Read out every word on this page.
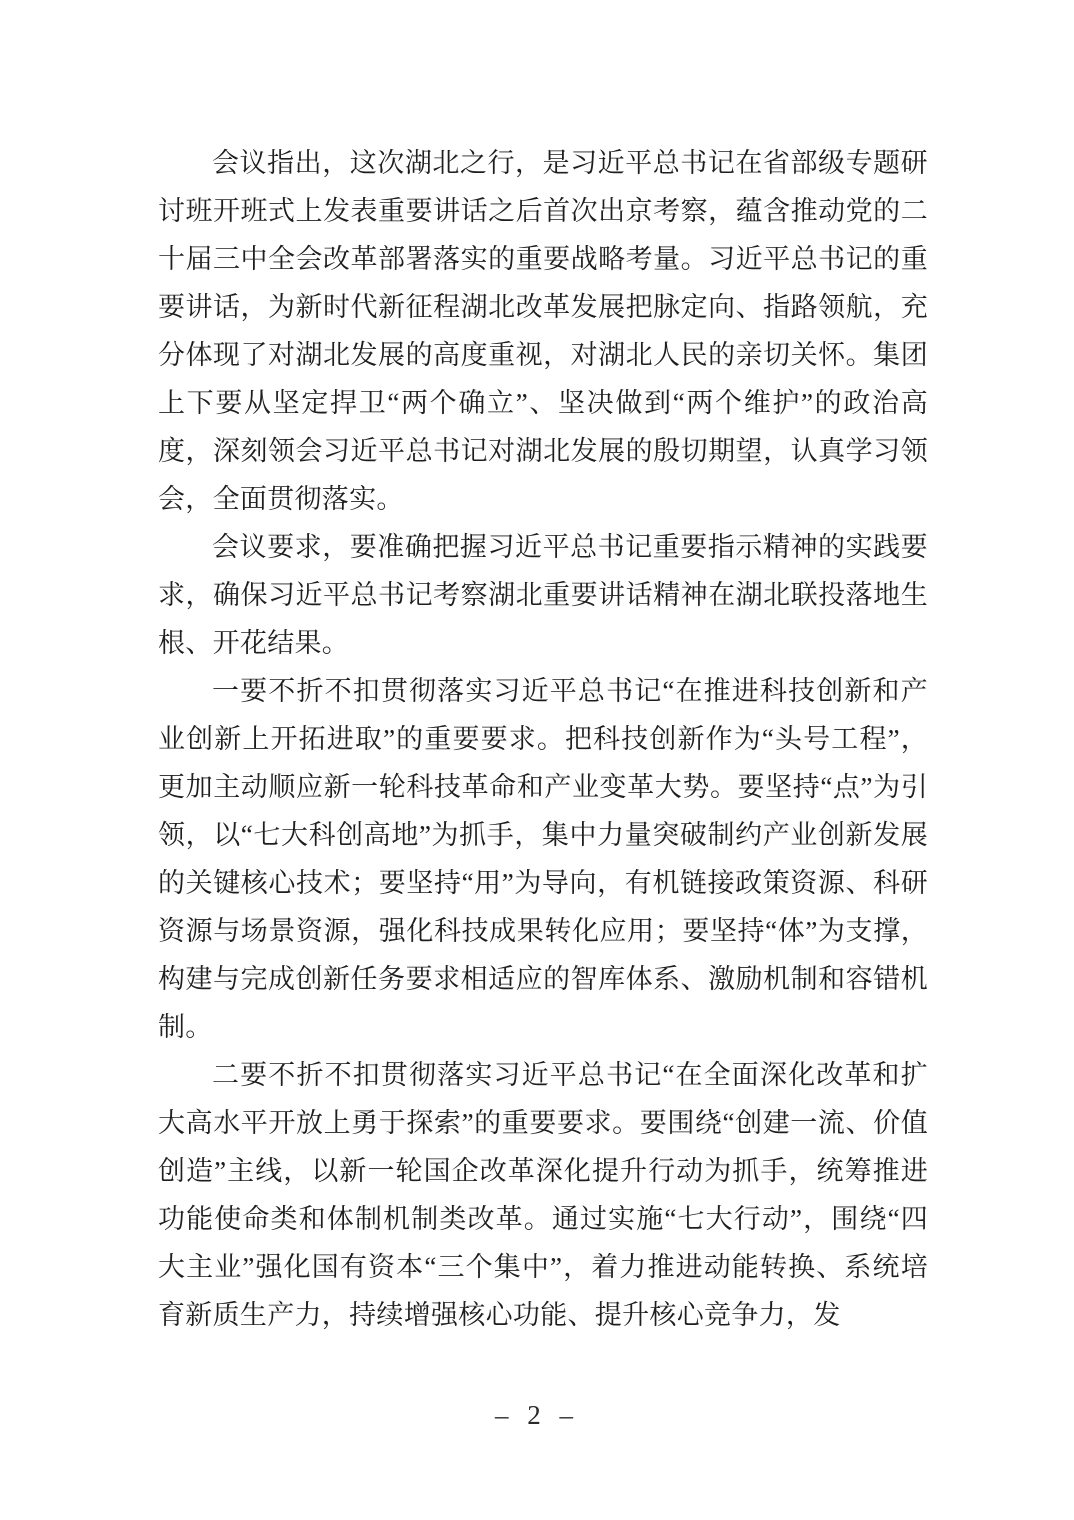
会议指出，这次湖北之行，是习近平总书记在省部级专题研讨班开班式上发表重要讲话之后首次出京考察，蕴含推动党的二十届三中全会改革部署落实的重要战略考量。习近平总书记的重要讲话，为新时代新征程湖北改革发展把脉定向、指路领航，充分体现了对湖北发展的高度重视，对湖北人民的亲切关怀。集团上下要从坚定捍卫“两个确立”、坚决做到“两个维护”的政治高度，深刻领会习近平总书记对湖北发展的殷切期望，认真学习领会，全面贯彻落实。

会议要求，要准确把握习近平总书记重要指示精神的实践要求，确保习近平总书记考察湖北重要讲话精神在湖北联投落地生根、开花结果。

一要不折不扣贯彻落实习近平总书记“在推进科技创新和产业创新上开拓进取”的重要要求。把科技创新作为“头号工程”，更加主动顺应新一轮科技革命和产业变革大势。要坚持“点”为引领，以“七大科创高地”为抓手，集中力量突破制约产业创新发展的关键核心技术；要坚持“用”为导向，有机链接政策资源、科研资源与场景资源，强化科技成果转化应用；要坚持“体”为支撑，构建与完成创新任务要求相适应的智库体系、激励机制和容错机制。

二要不折不扣贯彻落实习近平总书记“在全面深化改革和扩大高水平开放上勇于探索”的重要要求。要围绕“创建一流、价值创造”主线，以新一轮国企改革深化提升行动为抓手，统筹推进功能使命类和体制机制类改革。通过实施“七大行动”，围绕“四大主业”强化国有资本“三个集中”，着力推进动能转换、系统培育新质生产力，持续增强核心功能、提升核心竞争力，发

– 2 –
